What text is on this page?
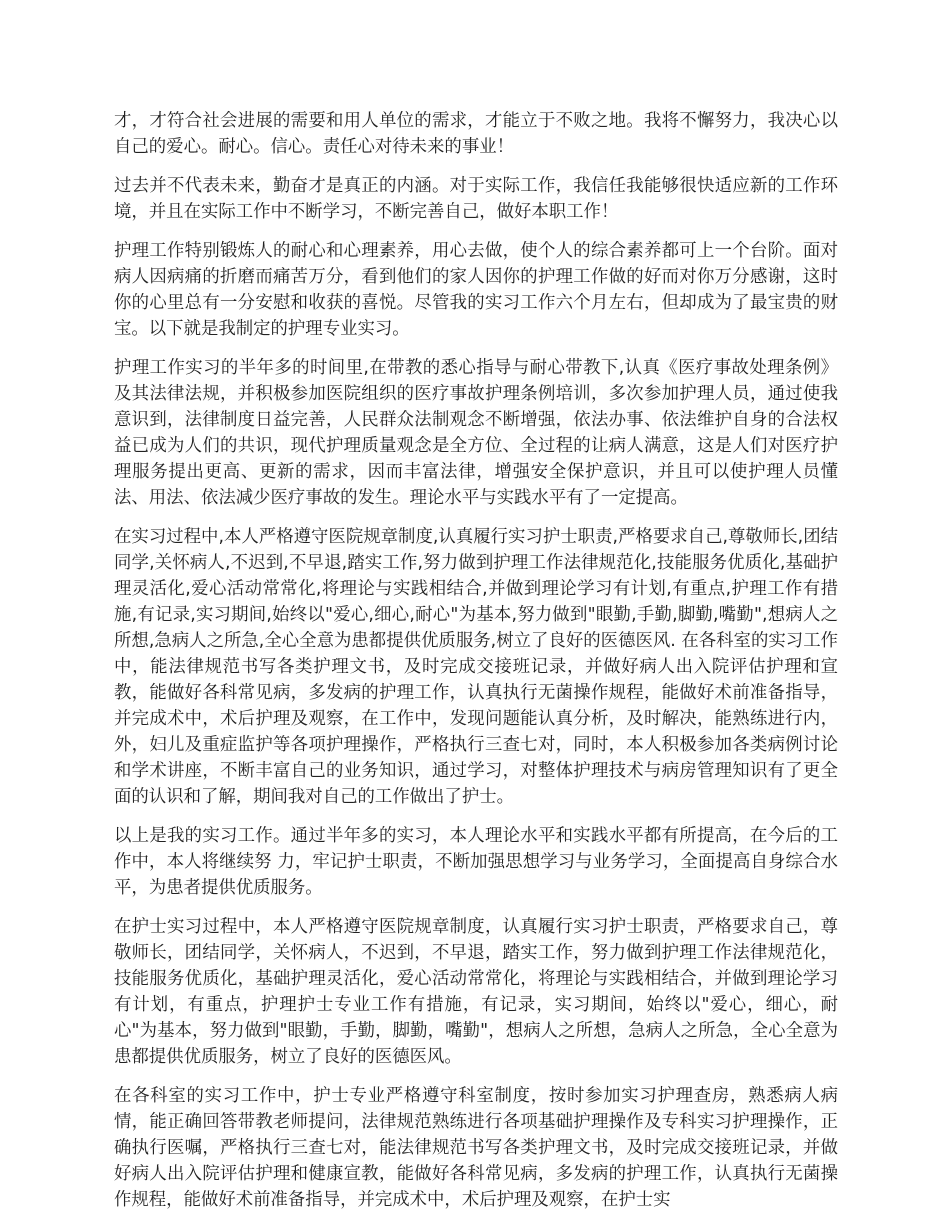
才，才符合社会进展的需要和用人单位的需求，才能立于不败之地。我将不懈努力，我决心以自己的爱心。耐心。信心。责任心对待未来的事业！

过去并不代表未来，勤奋才是真正的内涵。对于实际工作，我信任我能够很快适应新的工作环境，并且在实际工作中不断学习，不断完善自己，做好本职工作！

护理工作特别锻炼人的耐心和心理素养，用心去做，使个人的综合素养都可上一个台阶。面对病人因病痛的折磨而痛苦万分，看到他们的家人因你的护理工作做的好而对你万分感谢，这时你的心里总有一分安慰和收获的喜悦。尽管我的实习工作六个月左右，但却成为了最宝贵的财宝。以下就是我制定的护理专业实习。

护理工作实习的半年多的时间里,在带教的悉心指导与耐心带教下,认真《医疗事故处理条例》及其法律法规，并积极参加医院组织的医疗事故护理条例培训，多次参加护理人员，通过使我意识到，法律制度日益完善，人民群众法制观念不断增强，依法办事、依法维护自身的合法权益已成为人们的共识，现代护理质量观念是全方位、全过程的让病人满意，这是人们对医疗护理服务提出更高、更新的需求，因而丰富法律，增强安全保护意识，并且可以使护理人员懂法、用法、依法减少医疗事故的发生。理论水平与实践水平有了一定提高。

在实习过程中,本人严格遵守医院规章制度,认真履行实习护士职责,严格要求自己,尊敬师长,团结同学,关怀病人,不迟到,不早退,踏实工作,努力做到护理工作法律规范化,技能服务优质化,基础护理灵活化,爱心活动常常化,将理论与实践相结合,并做到理论学习有计划,有重点,护理工作有措施,有记录,实习期间,始终以"爱心,细心,耐心"为基本,努力做到"眼勤,手勤,脚勤,嘴勤",想病人之所想,急病人之所急,全心全意为患都提供优质服务,树立了良好的医德医风. 在各科室的实习工作中，能法律规范书写各类护理文书，及时完成交接班记录，并做好病人出入院评估护理和宣教，能做好各科常见病，多发病的护理工作，认真执行无菌操作规程，能做好术前准备指导，并完成术中，术后护理及观察，在工作中，发现问题能认真分析，及时解决，能熟练进行内，外，妇儿及重症监护等各项护理操作，严格执行三查七对，同时，本人积极参加各类病例讨论和学术讲座，不断丰富自己的业务知识，通过学习，对整体护理技术与病房管理知识有了更全面的认识和了解，期间我对自己的工作做出了护士。

以上是我的实习工作。通过半年多的实习，本人理论水平和实践水平都有所提高，在今后的工作中，本人将继续努 力，牢记护士职责，不断加强思想学习与业务学习，全面提高自身综合水平，为患者提供优质服务。

在护士实习过程中，本人严格遵守医院规章制度，认真履行实习护士职责，严格要求自己，尊敬师长，团结同学，关怀病人，不迟到，不早退，踏实工作，努力做到护理工作法律规范化，技能服务优质化，基础护理灵活化，爱心活动常常化，将理论与实践相结合，并做到理论学习有计划，有重点，护理护士专业工作有措施，有记录，实习期间，始终以"爱心，细心，耐心"为基本，努力做到"眼勤，手勤，脚勤，嘴勤"，想病人之所想，急病人之所急，全心全意为患都提供优质服务，树立了良好的医德医风。

在各科室的实习工作中，护士专业严格遵守科室制度，按时参加实习护理查房，熟悉病人病情，能正确回答带教老师提问，法律规范熟练进行各项基础护理操作及专科实习护理操作，正确执行医嘱，严格执行三查七对，能法律规范书写各类护理文书，及时完成交接班记录，并做好病人出入院评估护理和健康宣教，能做好各科常见病，多发病的护理工作，认真执行无菌操作规程，能做好术前准备指导，并完成术中，术后护理及观察，在护士实
